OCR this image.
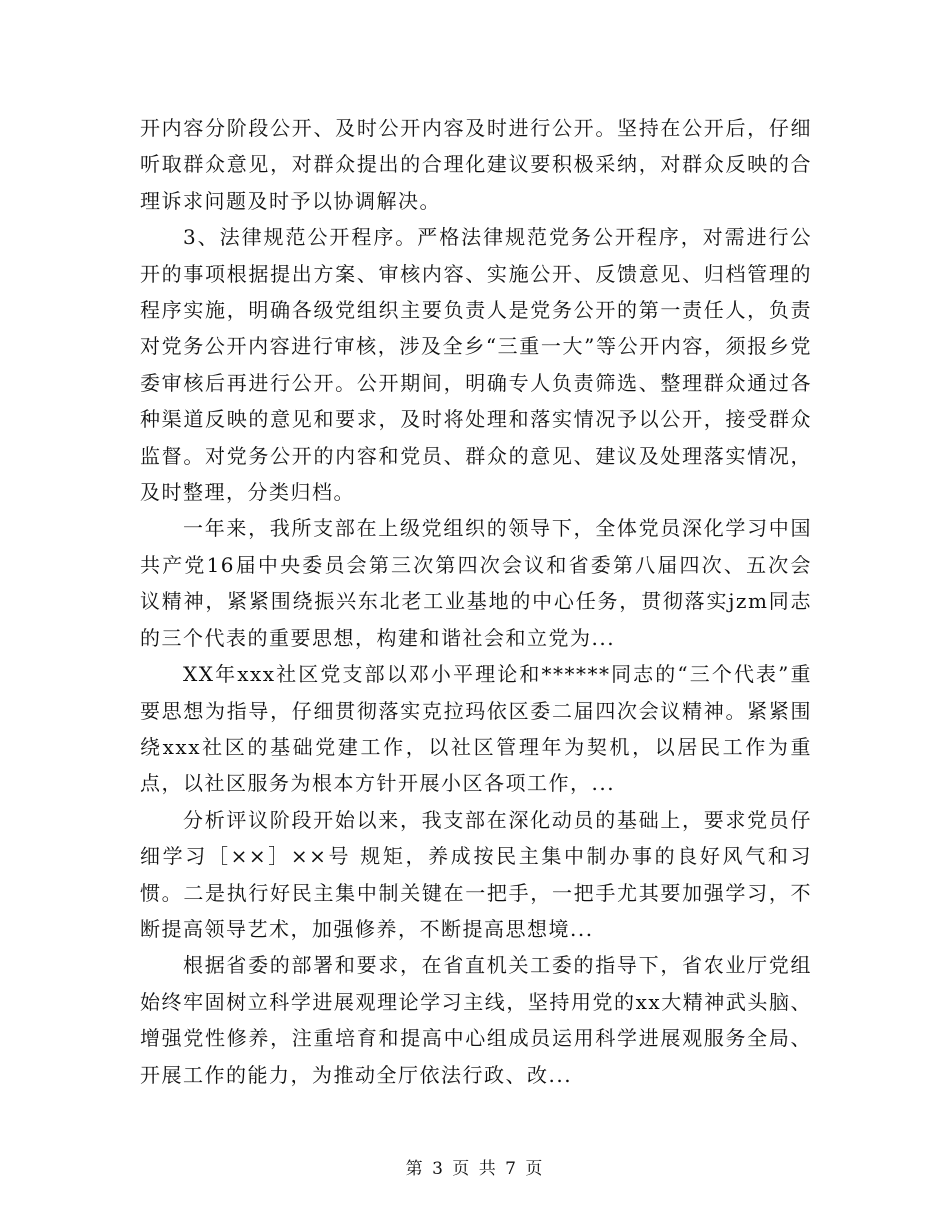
开内容分阶段公开、及时公开内容及时进行公开。坚持在公开后，仔细听取群众意见，对群众提出的合理化建议要积极采纳，对群众反映的合理诉求问题及时予以协调解决。

3、法律规范公开程序。严格法律规范党务公开程序，对需进行公开的事项根据提出方案、审核内容、实施公开、反馈意见、归档管理的程序实施，明确各级党组织主要负责人是党务公开的第一责任人，负责对党务公开内容进行审核，涉及全乡“三重一大”等公开内容，须报乡党委审核后再进行公开。公开期间，明确专人负责筛选、整理群众通过各种渠道反映的意见和要求，及时将处理和落实情况予以公开，接受群众监督。对党务公开的内容和党员、群众的意见、建议及处理落实情况，及时整理，分类归档。

一年来，我所支部在上级党组织的领导下，全体党员深化学习中国共产党16届中央委员会第三次第四次会议和省委第八届四次、五次会议精神，紧紧围绕振兴东北老工业基地的中心任务，贯彻落实jzm同志的三个代表的重要思想，构建和谐社会和立党为...

XX年xxx社区党支部以邓小平理论和******同志的“三个代表”重要思想为指导，仔细贯彻落实克拉玛依区委二届四次会议精神。紧紧围绕xxx社区的基础党建工作，以社区管理年为契机，以居民工作为重点，以社区服务为根本方针开展小区各项工作，...

分析评议阶段开始以来，我支部在深化动员的基础上，要求党员仔细学习［××］××号 规矩，养成按民主集中制办事的良好风气和习惯。二是执行好民主集中制关键在一把手，一把手尤其要加强学习，不断提高领导艺术，加强修养，不断提高思想境...

根据省委的部署和要求，在省直机关工委的指导下，省农业厅党组始终牢固树立科学进展观理论学习主线，坚持用党的xx大精神武头脑、增强党性修养，注重培育和提高中心组成员运用科学进展观服务全局、开展工作的能力，为推动全厅依法行政、改...

第 3 页 共 7 页
